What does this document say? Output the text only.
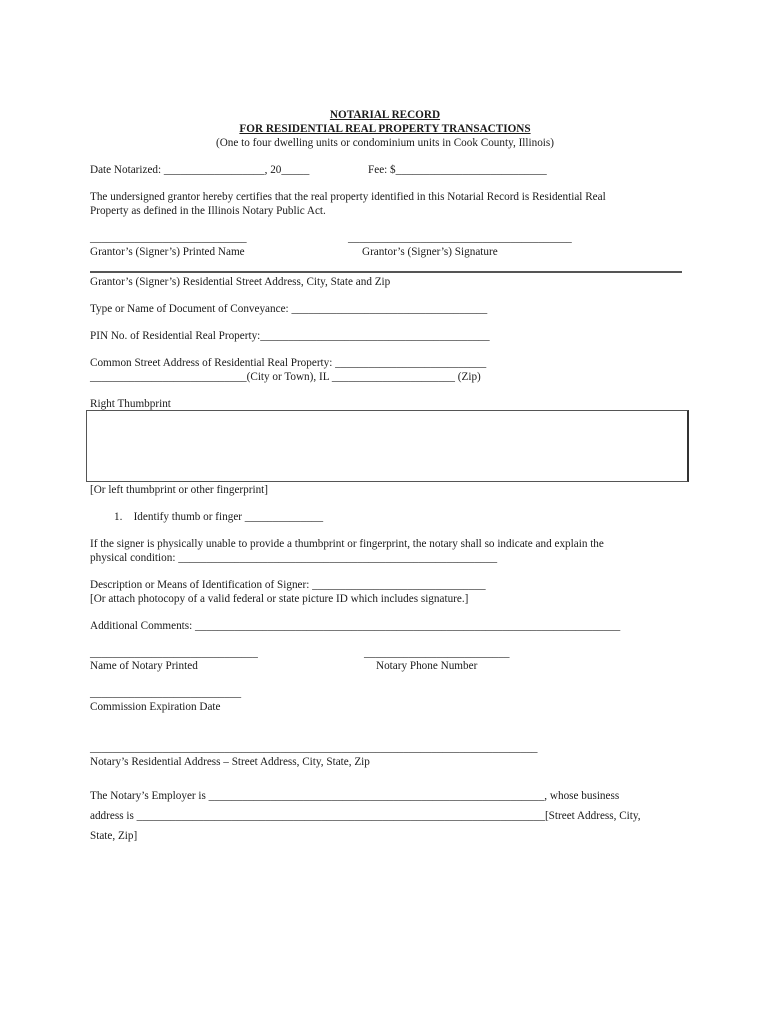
NOTARIAL RECORD
FOR RESIDENTIAL REAL PROPERTY TRANSACTIONS
(One to four dwelling units or condominium units in Cook County, Illinois)
Date Notarized: __________________, 20_____	Fee: $___________________________
The undersigned grantor hereby certifies that the real property identified in this Notarial Record is Residential Real
Property as defined in the Illinois Notary Public Act.
____________________________	________________________________________
Grantor’s (Signer’s) Printed Name	Grantor’s (Signer’s) Signature
Grantor’s (Signer’s) Residential Street Address, City, State and Zip
Type or Name of Document of Conveyance: ___________________________________
PIN No. of Residential Real Property:_________________________________________
Common Street Address of Residential Real Property: ___________________________
____________________________(City or Town), IL ______________________ (Zip)
Right Thumbprint
[Or left thumbprint or other fingerprint]
1.    Identify thumb or finger ______________
If the signer is physically unable to provide a thumbprint or fingerprint, the notary shall so indicate and explain the
physical condition: _________________________________________________________
Description or Means of Identification of Signer: _______________________________
[Or attach photocopy of a valid federal or state picture ID which includes signature.]
Additional Comments: ____________________________________________________________________________
______________________________	__________________________
Name of Notary Printed	Notary Phone Number
___________________________
Commission Expiration Date
________________________________________________________________________________
Notary’s Residential Address – Street Address, City, State, Zip
The Notary’s Employer is ____________________________________________________________, whose business
address is _________________________________________________________________________[Street Address, City,
State, Zip]
